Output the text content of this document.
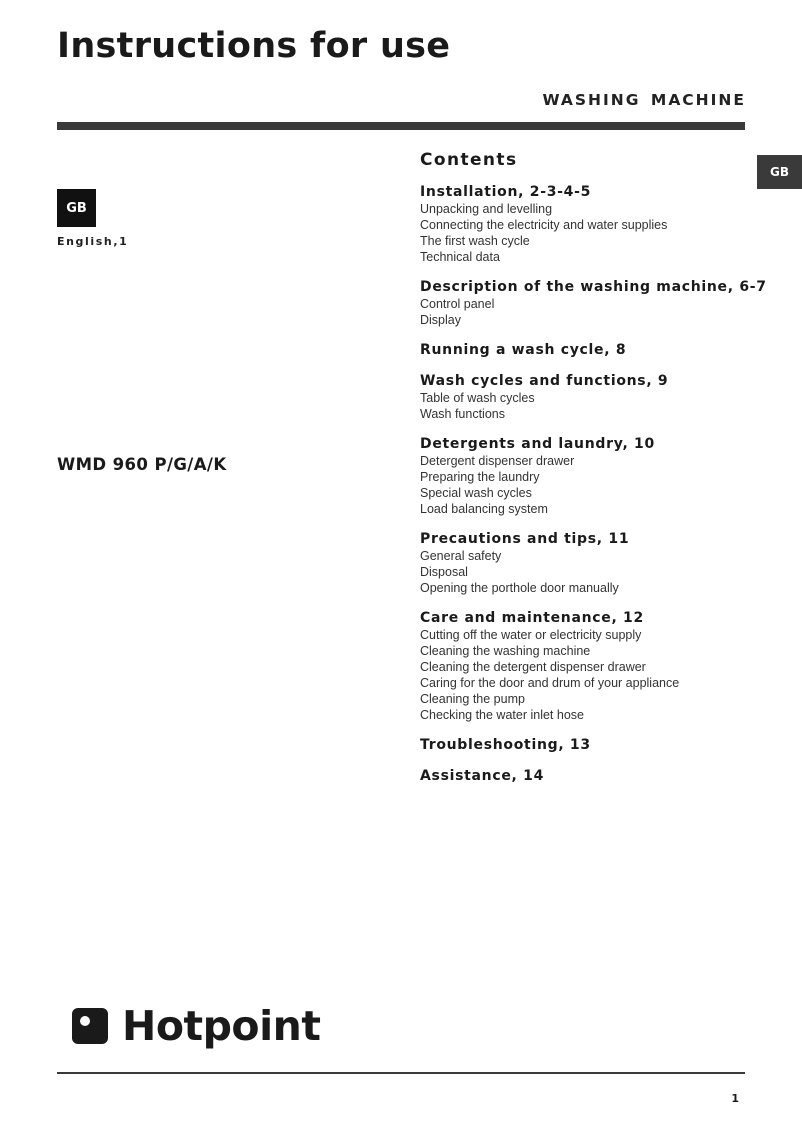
Instructions for use
WASHING MACHINE
GB
GB
English,1
WMD 960 P/G/A/K
Contents
Installation, 2-3-4-5
Unpacking and levelling
Connecting the electricity and water supplies
The first wash cycle
Technical data
Description of the washing machine, 6-7
Control panel
Display
Running a wash cycle, 8
Wash cycles and functions, 9
Table of wash cycles
Wash functions
Detergents and laundry, 10
Detergent dispenser drawer
Preparing the laundry
Special wash cycles
Load balancing system
Precautions and tips, 11
General safety
Disposal
Opening the porthole door manually
Care and maintenance, 12
Cutting off the water or electricity supply
Cleaning the washing machine
Cleaning the detergent dispenser drawer
Caring for the door and drum of your appliance
Cleaning the pump
Checking the water inlet hose
Troubleshooting, 13
Assistance, 14
Hotpoint
1
